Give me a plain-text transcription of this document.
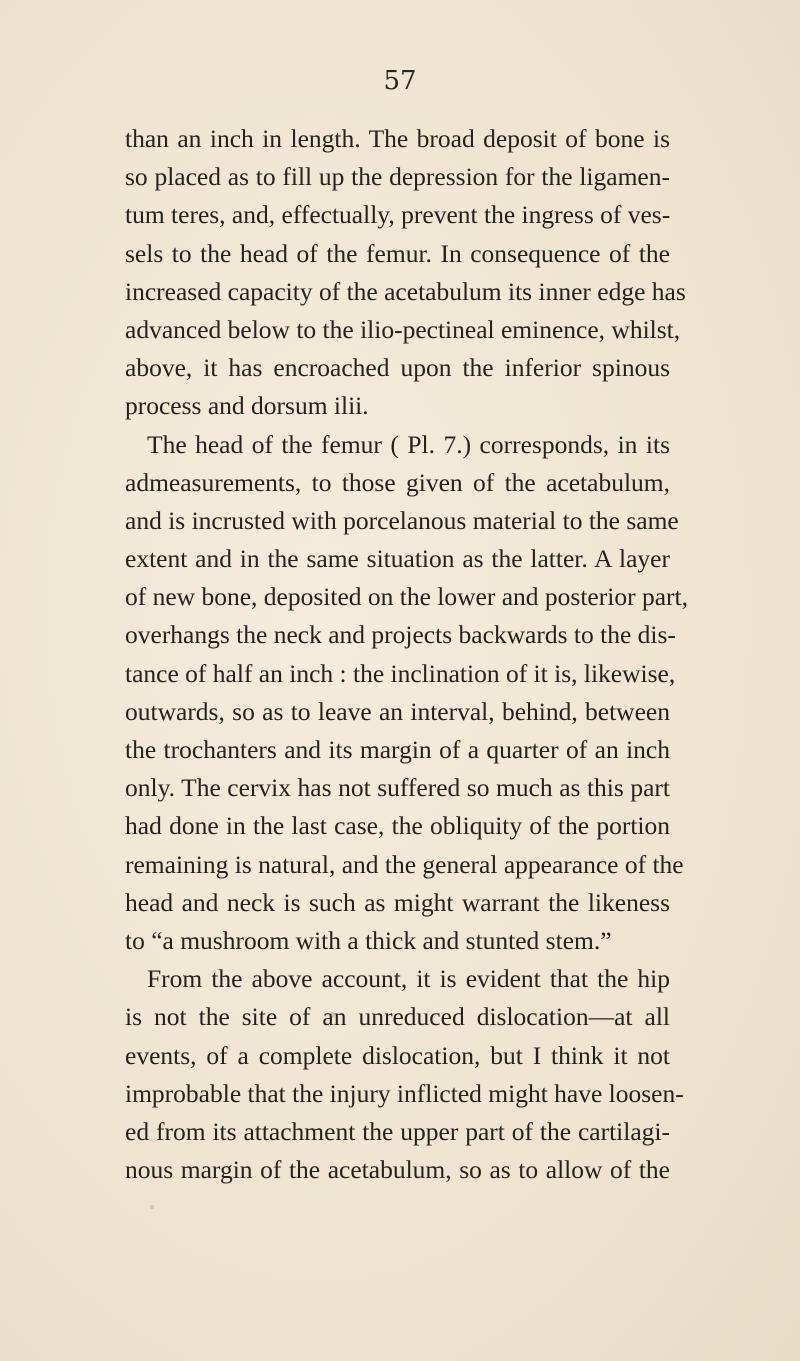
57
than an inch in length. The broad deposit of bone is
so placed as to fill up the depression for the ligamen-
tum teres, and, effectually, prevent the ingress of ves-
sels to the head of the femur. In consequence of the
increased capacity of the acetabulum its inner edge has
advanced below to the ilio-pectineal eminence, whilst,
above, it has encroached upon the inferior spinous
process and dorsum ilii.
The head of the femur ( Pl. 7.) corresponds, in its
admeasurements, to those given of the acetabulum,
and is incrusted with porcelanous material to the same
extent and in the same situation as the latter. A layer
of new bone, deposited on the lower and posterior part,
overhangs the neck and projects backwards to the dis-
tance of half an inch : the inclination of it is, likewise,
outwards, so as to leave an interval, behind, between
the trochanters and its margin of a quarter of an inch
only. The cervix has not suffered so much as this part
had done in the last case, the obliquity of the portion
remaining is natural, and the general appearance of the
head and neck is such as might warrant the likeness
to “a mushroom with a thick and stunted stem.”
From the above account, it is evident that the hip
is not the site of an unreduced dislocation—at all
events, of a complete dislocation, but I think it not
improbable that the injury inflicted might have loosen-
ed from its attachment the upper part of the cartilagi-
nous margin of the acetabulum, so as to allow of the
